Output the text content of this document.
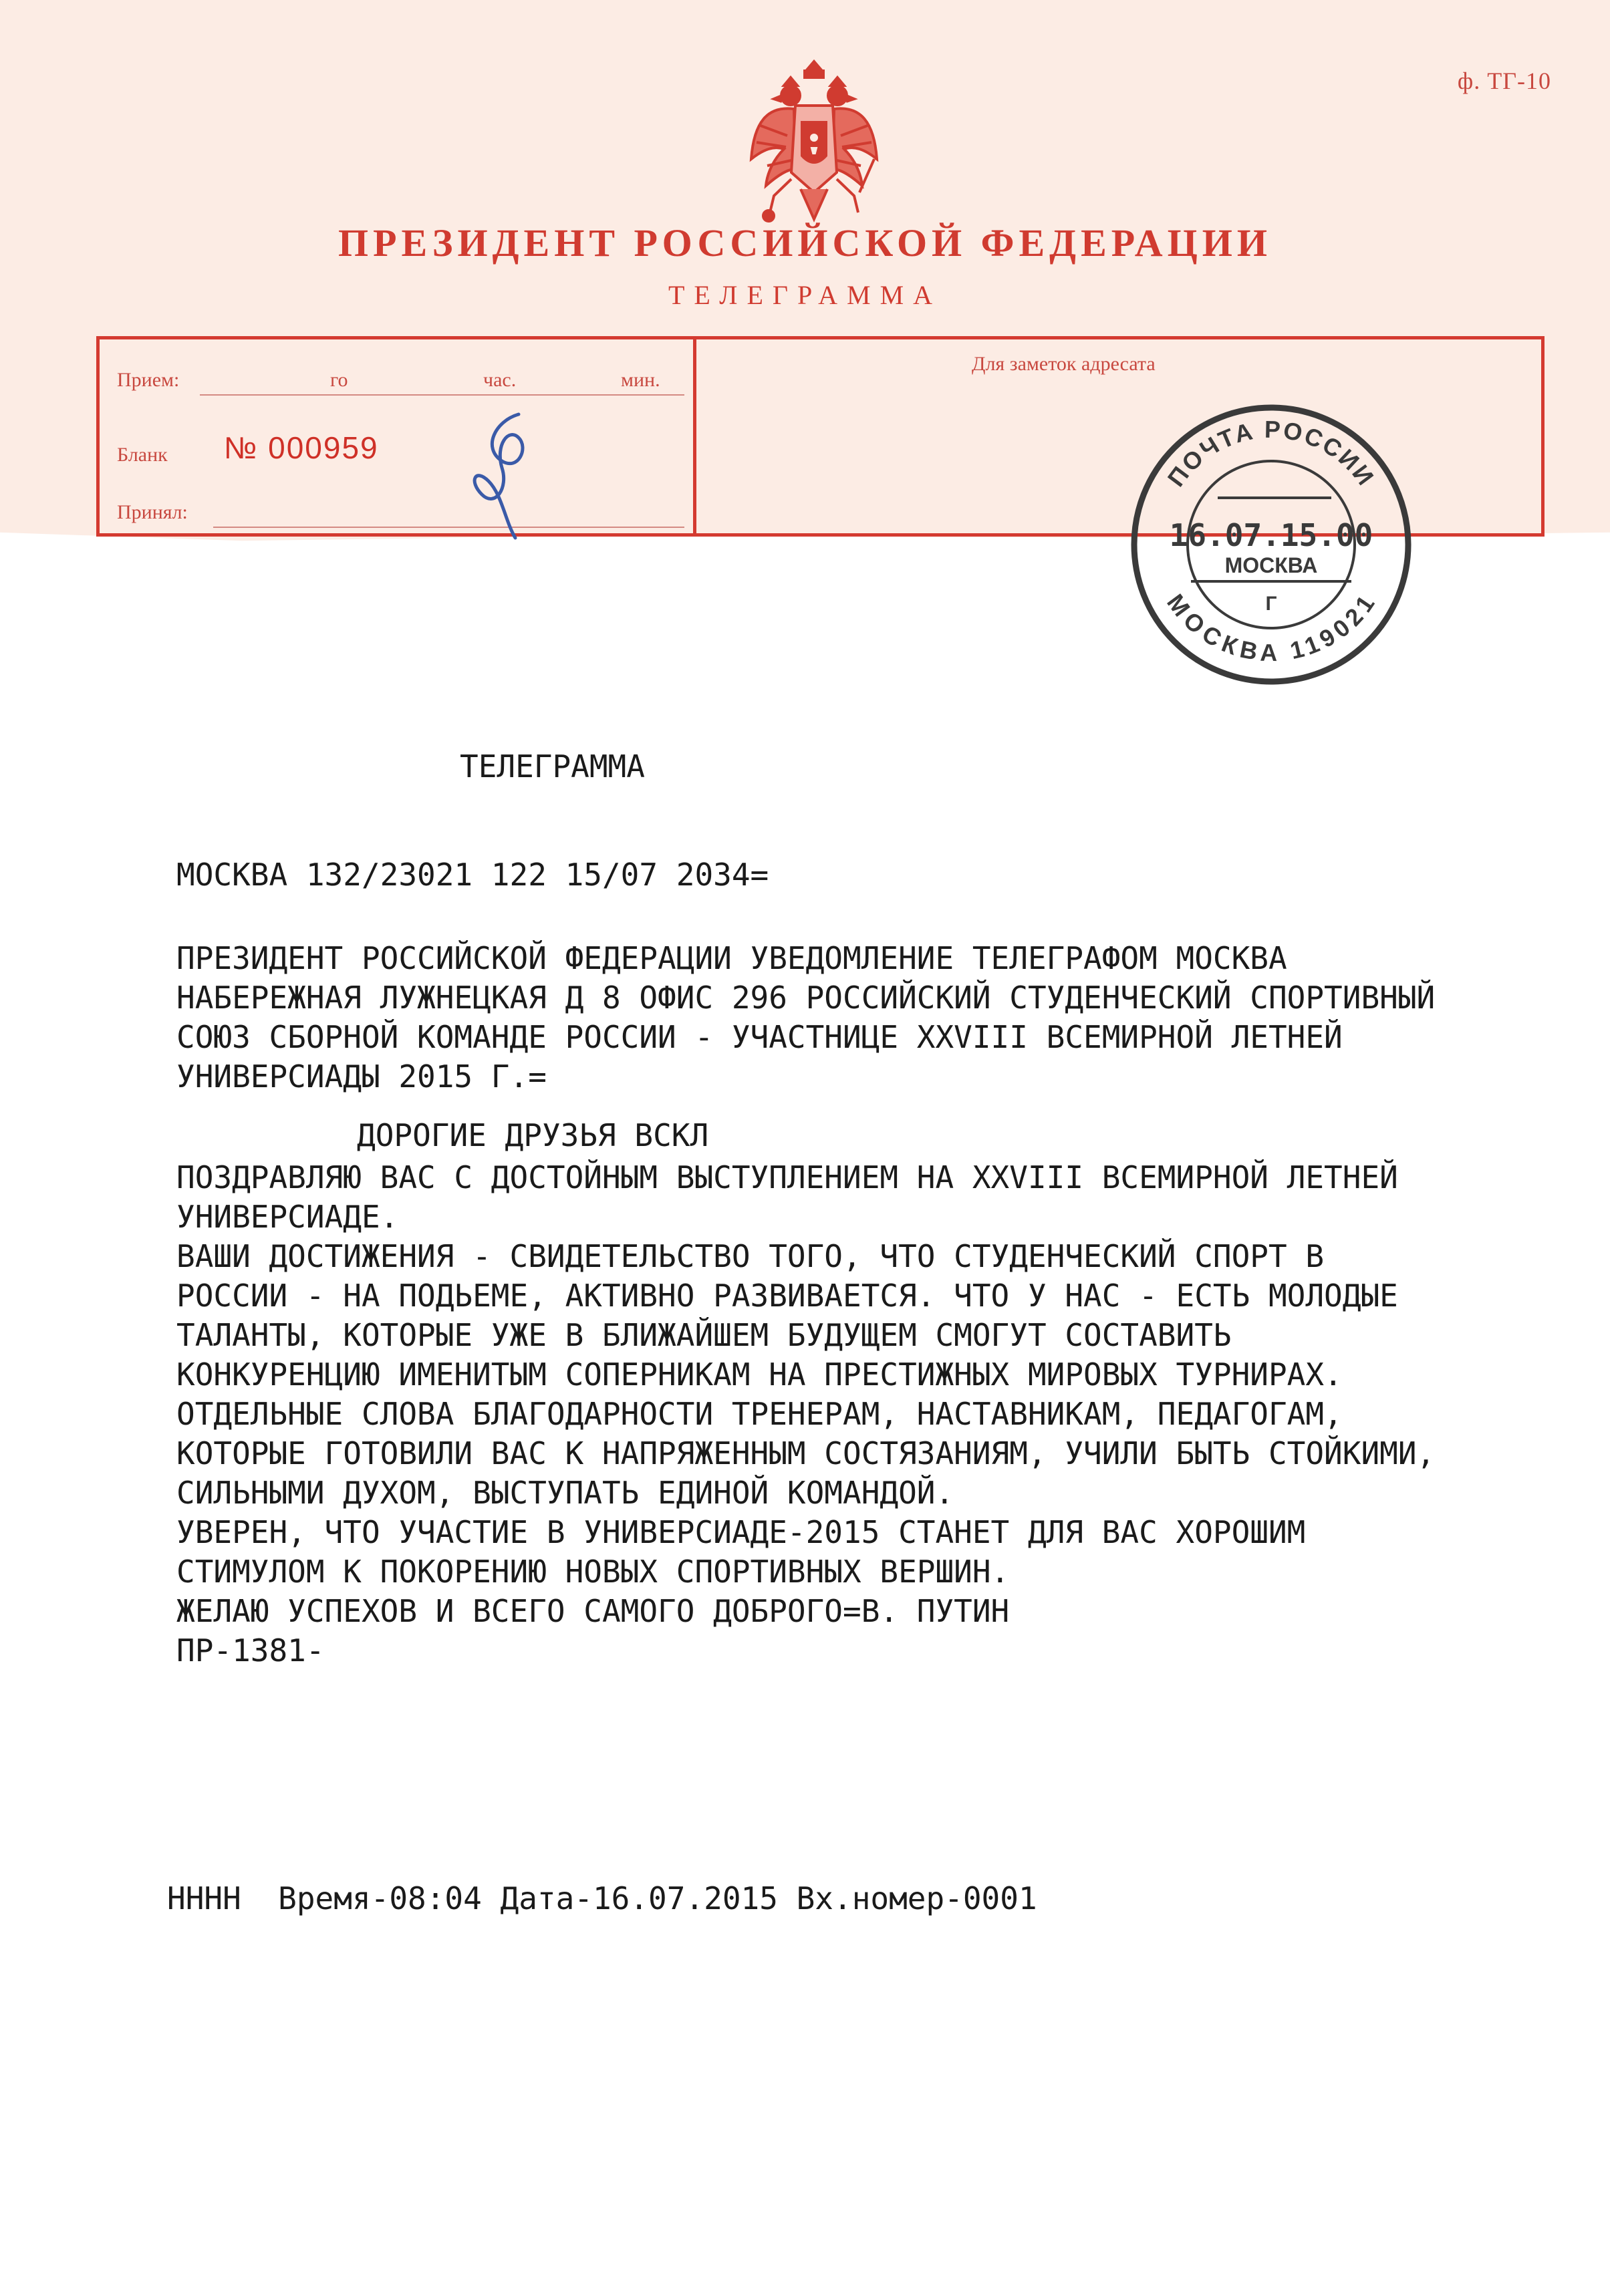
ф. ТГ-10
ПРЕЗИДЕНТ РОССИЙСКОЙ ФЕДЕРАЦИИ
ТЕЛЕГРАММА
Прием:	го	час.	мин.
Бланк № 000959
Принял:
Для заметок адресата
ПОЧТА РОССИИ
МОСКВА 119021
16.07.15.00
МОСКВА
Г
ТЕЛЕГРАММА
МОСКВА 132/23021 122 15/07 2034=
ПРЕЗИДЕНТ РОССИЙСКОЙ ФЕДЕРАЦИИ УВЕДОМЛЕНИЕ ТЕЛЕГРАФОМ МОСКВА
НАБЕРЕЖНАЯ ЛУЖНЕЦКАЯ Д 8 ОФИС 296 РОССИЙСКИЙ СТУДЕНЧЕСКИЙ СПОРТИВНЫЙ
СОЮЗ СБОРНОЙ КОМАНДЕ РОССИИ - УЧАСТНИЦЕ XXVIII ВСЕМИРНОЙ ЛЕТНЕЙ
УНИВЕРСИАДЫ 2015 Г.=
ДОРОГИЕ ДРУЗЬЯ ВСКЛ
ПОЗДРАВЛЯЮ ВАС С ДОСТОЙНЫМ ВЫСТУПЛЕНИЕМ НА XXVIII ВСЕМИРНОЙ ЛЕТНЕЙ
УНИВЕРСИАДЕ.
ВАШИ ДОСТИЖЕНИЯ - СВИДЕТЕЛЬСТВО ТОГО, ЧТО СТУДЕНЧЕСКИЙ СПОРТ В
РОССИИ - НА ПОДЬЕМЕ, АКТИВНО РАЗВИВАЕТСЯ. ЧТО У НАС - ЕСТЬ МОЛОДЫЕ
ТАЛАНТЫ, КОТОРЫЕ УЖЕ В БЛИЖАЙШЕМ БУДУЩЕМ СМОГУТ СОСТАВИТЬ
КОНКУРЕНЦИЮ ИМЕНИТЫМ СОПЕРНИКАМ НА ПРЕСТИЖНЫХ МИРОВЫХ ТУРНИРАХ.
ОТДЕЛЬНЫЕ СЛОВА БЛАГОДАРНОСТИ ТРЕНЕРАМ, НАСТАВНИКАМ, ПЕДАГОГАМ,
КОТОРЫЕ ГОТОВИЛИ ВАС К НАПРЯЖЕННЫМ СОСТЯЗАНИЯМ, УЧИЛИ БЫТЬ СТОЙКИМИ,
СИЛЬНЫМИ ДУХОМ, ВЫСТУПАТЬ ЕДИНОЙ КОМАНДОЙ.
УВЕРЕН, ЧТО УЧАСТИЕ В УНИВЕРСИАДЕ-2015 СТАНЕТ ДЛЯ ВАС ХОРОШИМ
СТИМУЛОМ К ПОКОРЕНИЮ НОВЫХ СПОРТИВНЫХ ВЕРШИН.
ЖЕЛАЮ УСПЕХОВ И ВСЕГО САМОГО ДОБРОГО=В. ПУТИН
ПР-1381-
НННН  Время-08:04 Дата-16.07.2015 Вх.номер-0001
